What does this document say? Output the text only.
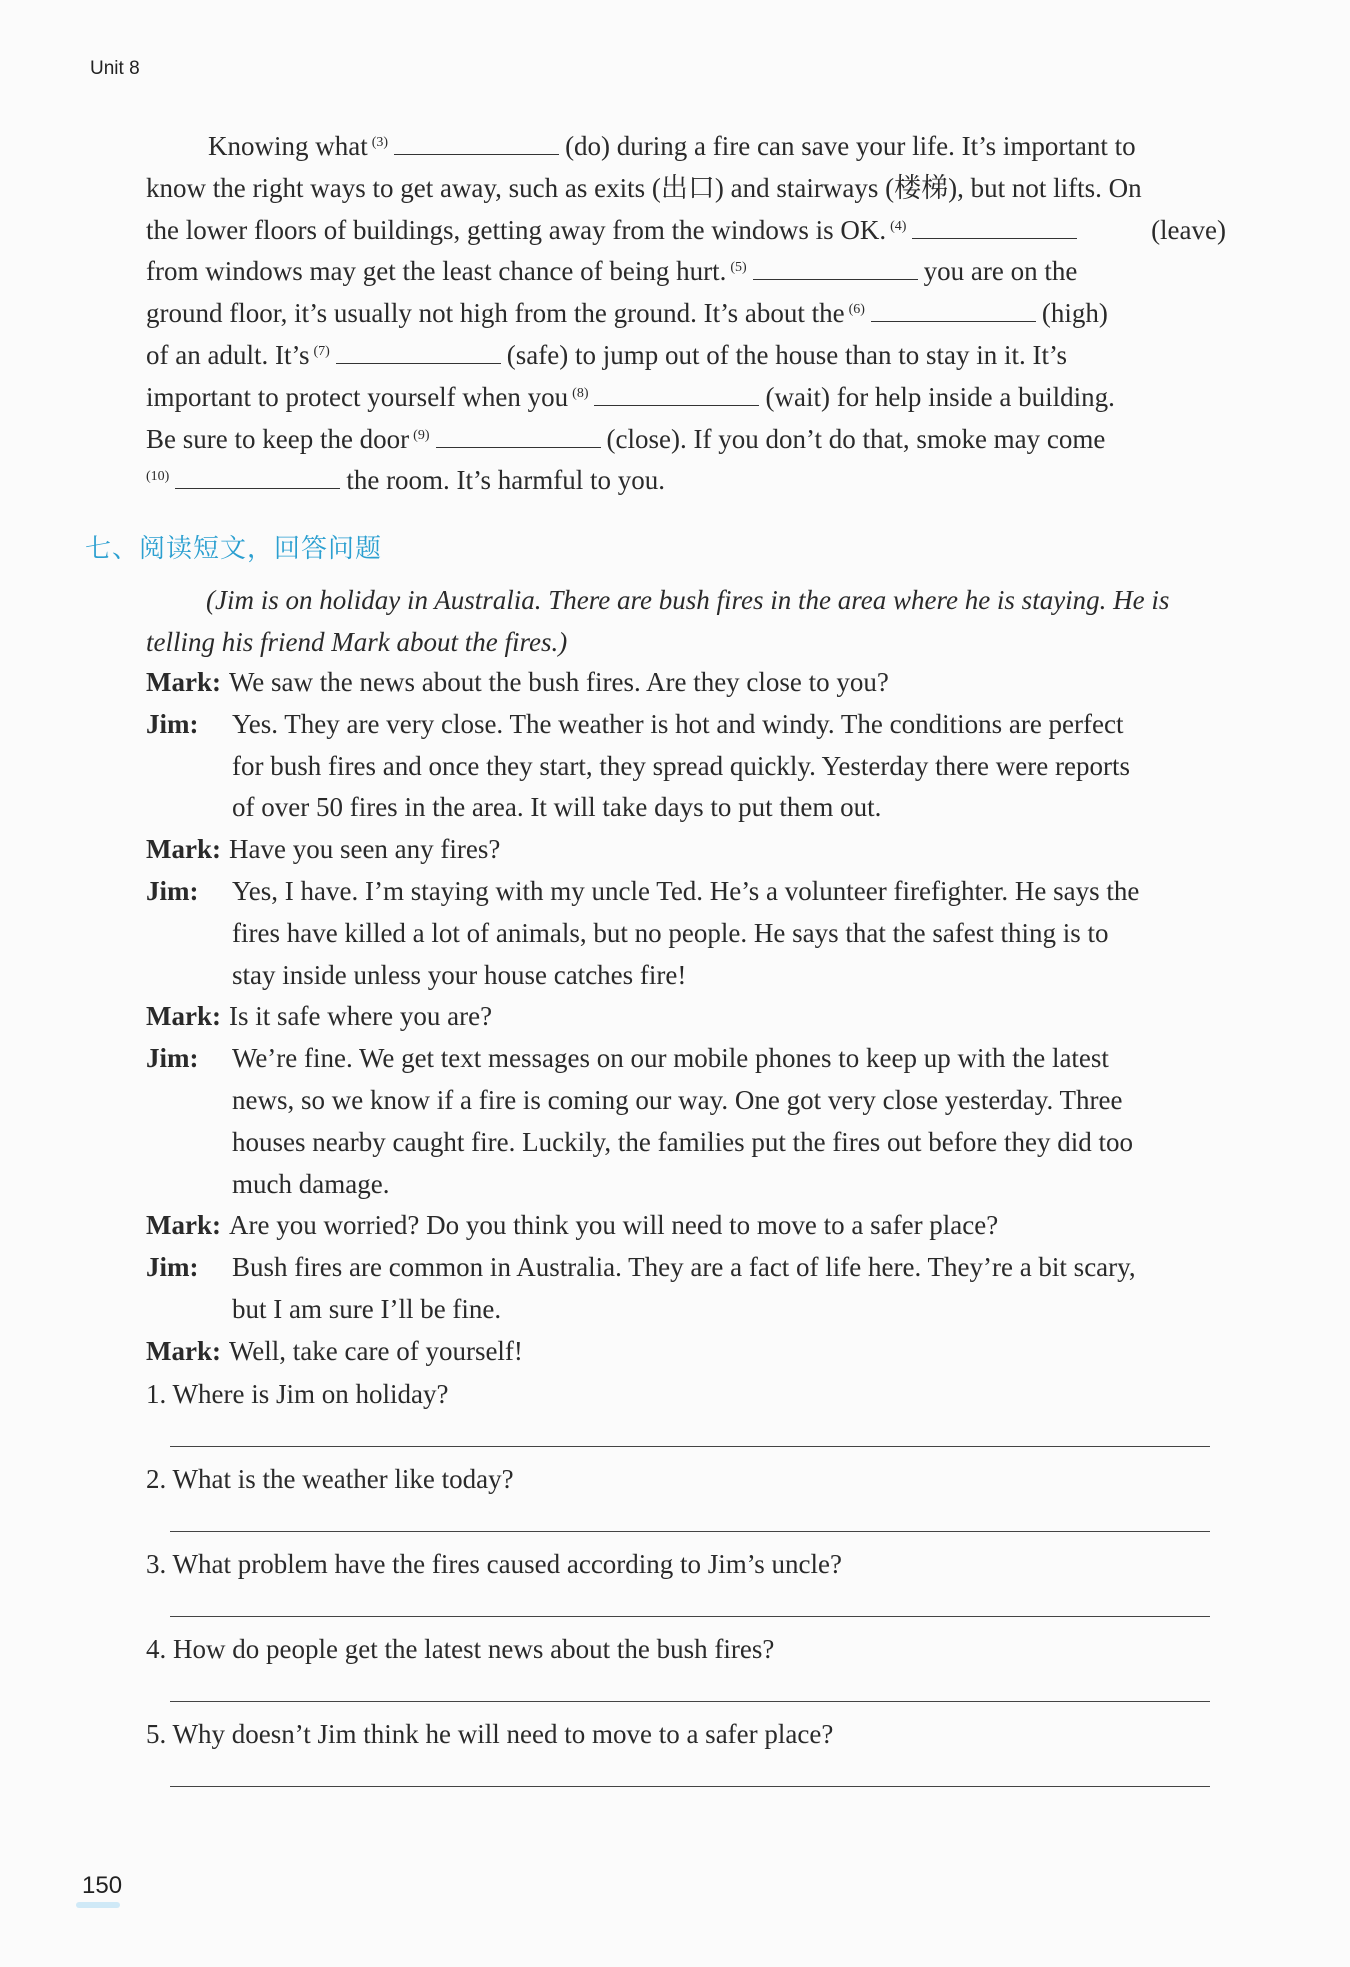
Unit 8
Knowing what $^{(3)}$	(do) during a fire can save your life. It’s important to
know the right ways to get away, such as exits (出口) and stairways (楼梯), but not lifts. On
the lower floors of buildings, getting away from the windows is OK. $^{(4)}$	(leave)
from windows may get the least chance of being hurt. $^{(5)}$	you are on the
ground floor, it’s usually not high from the ground. It’s about the $^{(6)}$	(high)
of an adult. It’s $^{(7)}$	(safe) to jump out of the house than to stay in it. It’s
important to protect yourself when you $^{(8)}$	(wait) for help inside a building.
Be sure to keep the door $^{(9)}$	(close). If you don’t do that, smoke may come
$^{(10)}$	the room. It’s harmful to you.
七、阅读短文，回答问题
(Jim is on holiday in Australia. There are bush fires in the area where he is staying. He is
telling his friend Mark about the fires.)
Mark: We saw the news about the bush fires. Are they close to you?
Jim:	Yes. They are very close. The weather is hot and windy. The conditions are perfect
for bush fires and once they start, they spread quickly. Yesterday there were reports
of over 50 fires in the area. It will take days to put them out.
Mark: Have you seen any fires?
Jim:	Yes, I have. I’m staying with my uncle Ted. He’s a volunteer firefighter. He says the
fires have killed a lot of animals, but no people. He says that the safest thing is to
stay inside unless your house catches fire!
Mark: Is it safe where you are?
Jim:	We’re fine. We get text messages on our mobile phones to keep up with the latest
news, so we know if a fire is coming our way. One got very close yesterday. Three
houses nearby caught fire. Luckily, the families put the fires out before they did too
much damage.
Mark: Are you worried? Do you think you will need to move to a safer place?
Jim:	Bush fires are common in Australia. They are a fact of life here. They’re a bit scary,
but I am sure I’ll be fine.
Mark: Well, take care of yourself!
1. Where is Jim on holiday?
2. What is the weather like today?
3. What problem have the fires caused according to Jim’s uncle?
4. How do people get the latest news about the bush fires?
5. Why doesn’t Jim think he will need to move to a safer place?
150
